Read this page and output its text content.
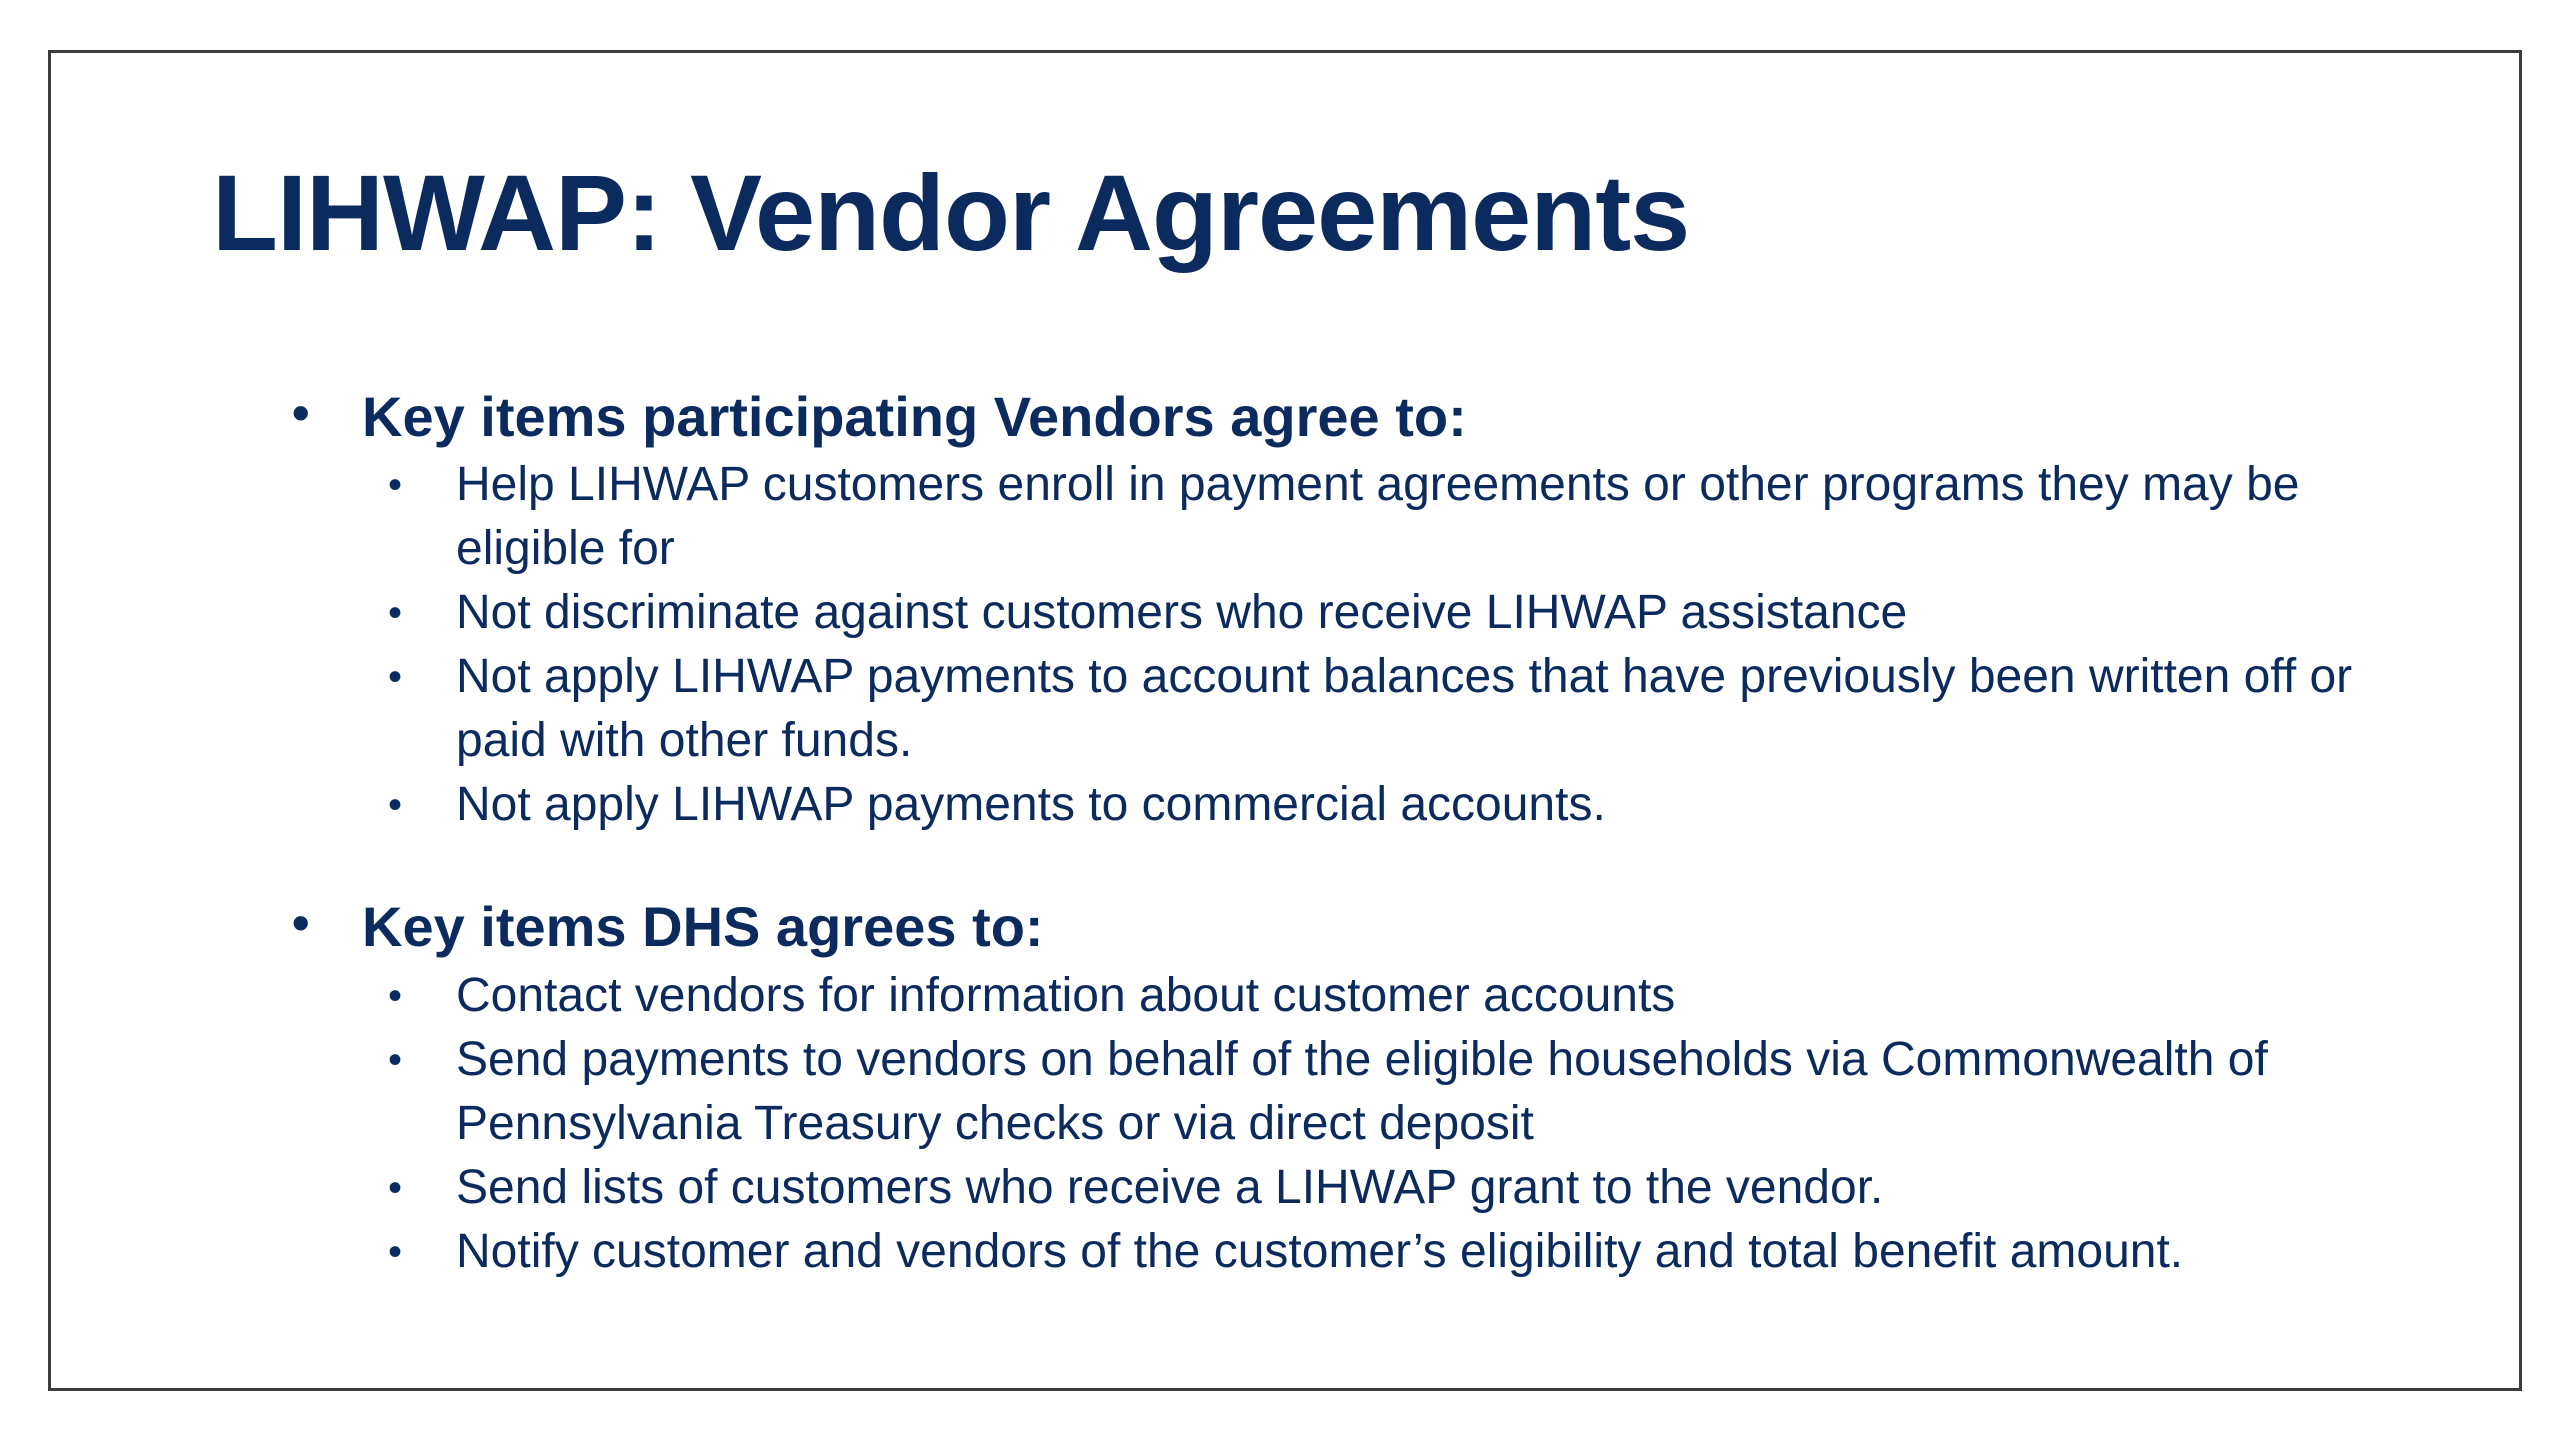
LIHWAP: Vendor Agreements
• Key items participating Vendors agree to:
• Help LIHWAP customers enroll in payment agreements or other programs they may be eligible for
• Not discriminate against customers who receive LIHWAP assistance
• Not apply LIHWAP payments to account balances that have previously been written off or paid with other funds.
• Not apply LIHWAP payments to commercial accounts.
• Key items DHS agrees to:
• Contact vendors for information about customer accounts
• Send payments to vendors on behalf of the eligible households via Commonwealth of Pennsylvania Treasury checks or via direct deposit
• Send lists of customers who receive a LIHWAP grant to the vendor.
• Notify customer and vendors of the customer’s eligibility and total benefit amount.
